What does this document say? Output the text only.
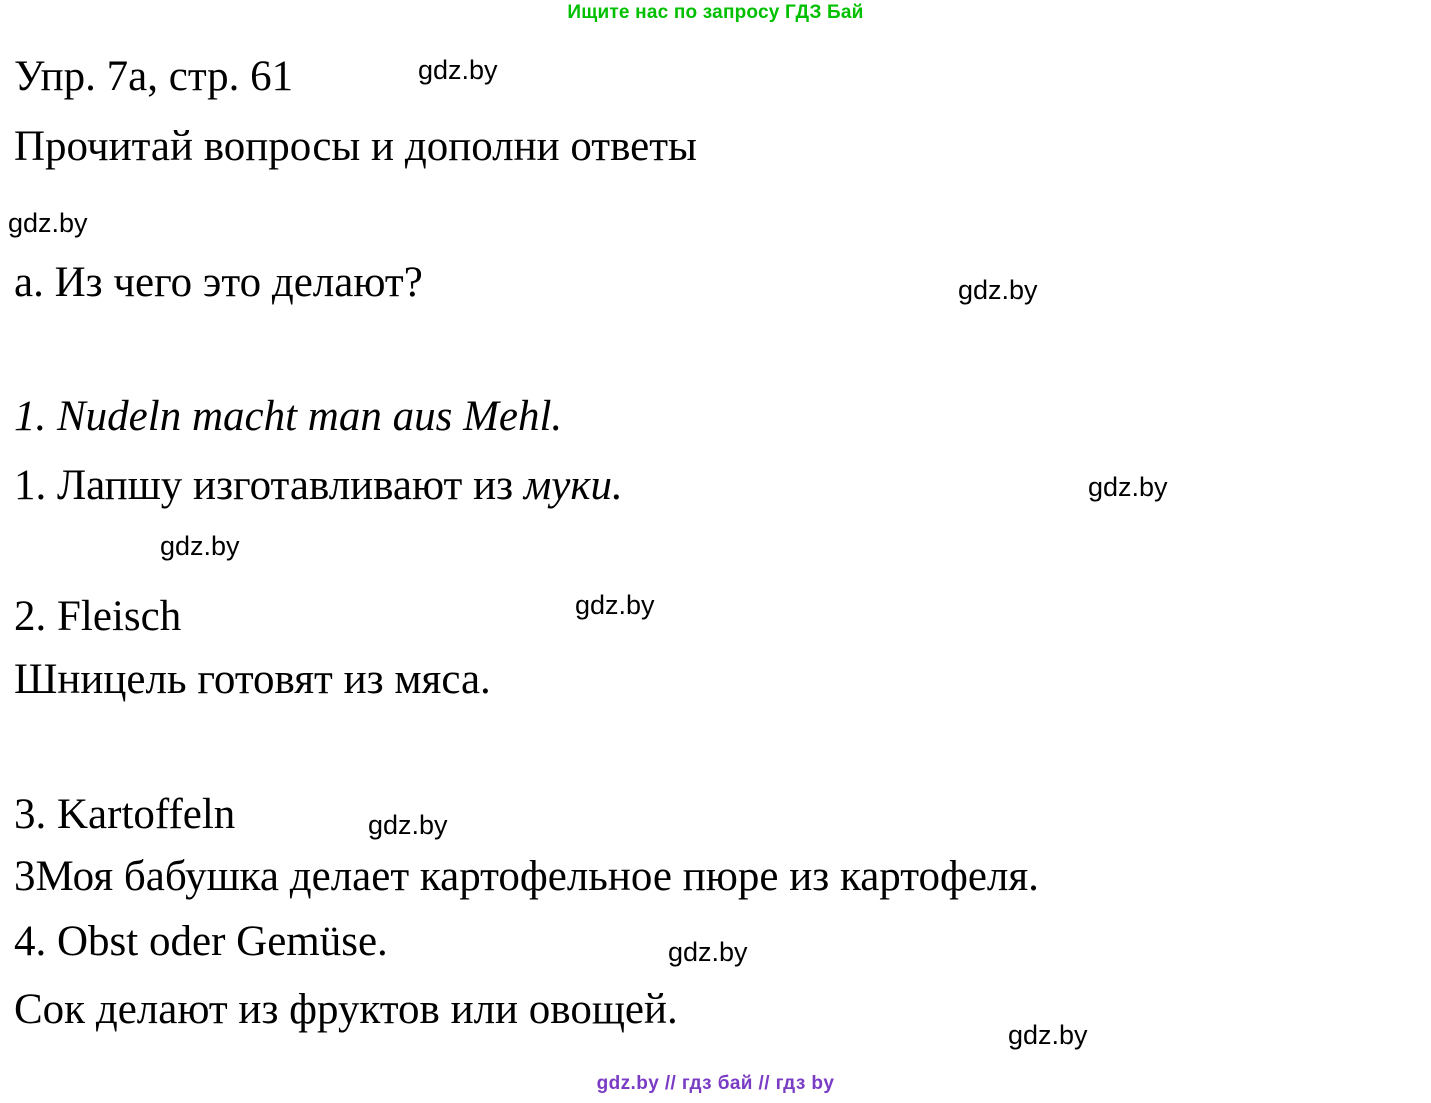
Ищите нас по запросу ГДЗ Бай
Упр. 7а, стр. 61
Прочитай вопросы и дополни ответы
а. Из чего это делают?
1. Nudeln macht man aus Mehl.
1. Лапшу изготавливают из муки.
2. Fleisch
Шницель готовят из мяса.
3. Kartoffeln
3Моя бабушка делает картофельное пюре из картофеля.
4. Obst oder Gemüse.
Сок делают из фруктов или овощей.
gdz.by
gdz.by
gdz.by
gdz.by
gdz.by
gdz.by
gdz.by
gdz.by
gdz.by
gdz.by // гдз бай // гдз by
